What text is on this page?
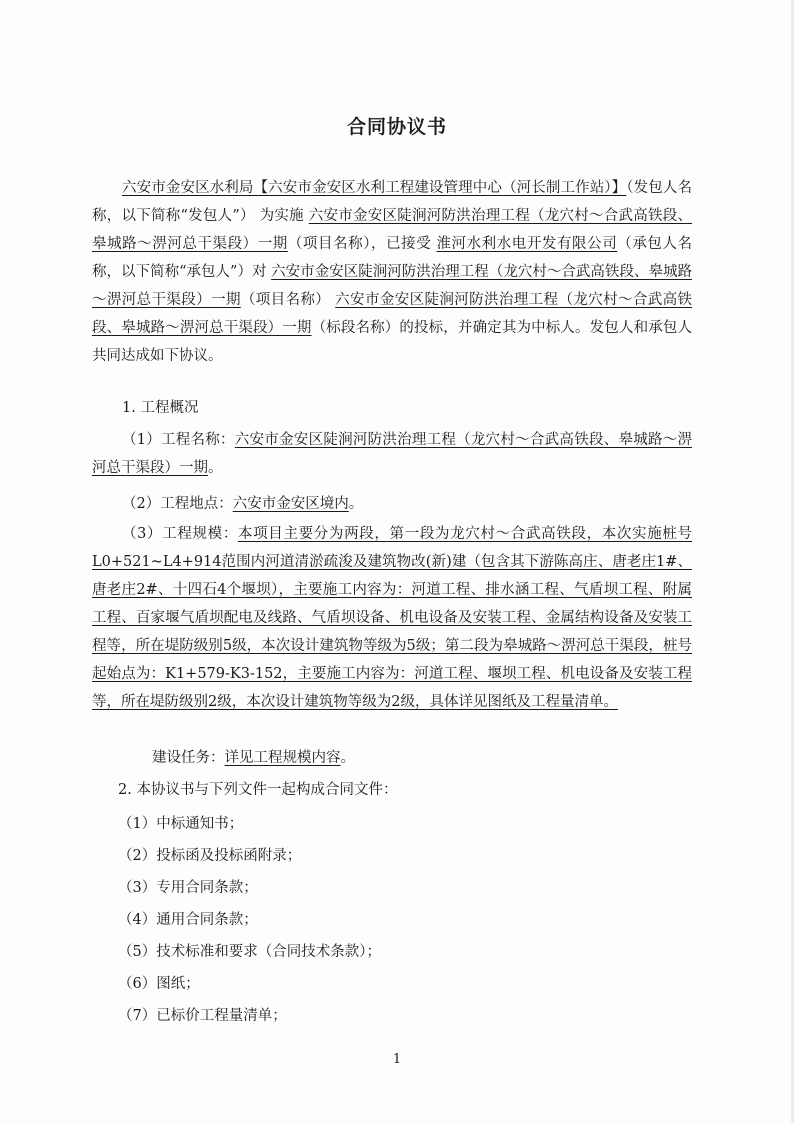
合同协议书
六安市金安区水利局【六安市金安区水利工程建设管理中心（河长制工作站）】（发包人名称，以下简称“发包人”） 为实施 六安市金安区陡涧河防洪治理工程（龙穴村～合武高铁段、皋城路～淠河总干渠段）一期（项目名称），已接受 淮河水利水电开发有限公司（承包人名称，以下简称“承包人”）对 六安市金安区陡涧河防洪治理工程（龙穴村～合武高铁段、皋城路～淠河总干渠段）一期（项目名称） 六安市金安区陡涧河防洪治理工程（龙穴村～合武高铁段、皋城路～淠河总干渠段）一期（标段名称）的投标，并确定其为中标人。发包人和承包人共同达成如下协议。
1. 工程概况
（1）工程名称：六安市金安区陡涧河防洪治理工程（龙穴村～合武高铁段、皋城路～淠河总干渠段）一期。
（2）工程地点：六安市金安区境内。
（3）工程规模：本项目主要分为两段，第一段为龙穴村～合武高铁段，本次实施桩号L0+521~L4+914范围内河道清淤疏浚及建筑物改(新)建（包含其下游陈高庄、唐老庄1#、唐老庄2#、十四石4个堰坝），主要施工内容为：河道工程、排水涵工程、气盾坝工程、附属工程、百家堰气盾坝配电及线路、气盾坝设备、机电设备及安装工程、金属结构设备及安装工程等，所在堤防级别5级，本次设计建筑物等级为5级；第二段为皋城路～淠河总干渠段，桩号起始点为：K1+579-K3-152，主要施工内容为：河道工程、堰坝工程、机电设备及安装工程等，所在堤防级别2级，本次设计建筑物等级为2级，具体详见图纸及工程量清单。
建设任务：详见工程规模内容。
2. 本协议书与下列文件一起构成合同文件：
（1）中标通知书；
（2）投标函及投标函附录；
（3）专用合同条款；
（4）通用合同条款；
（5）技术标准和要求（合同技术条款）；
（6）图纸；
（7）已标价工程量清单；
1
